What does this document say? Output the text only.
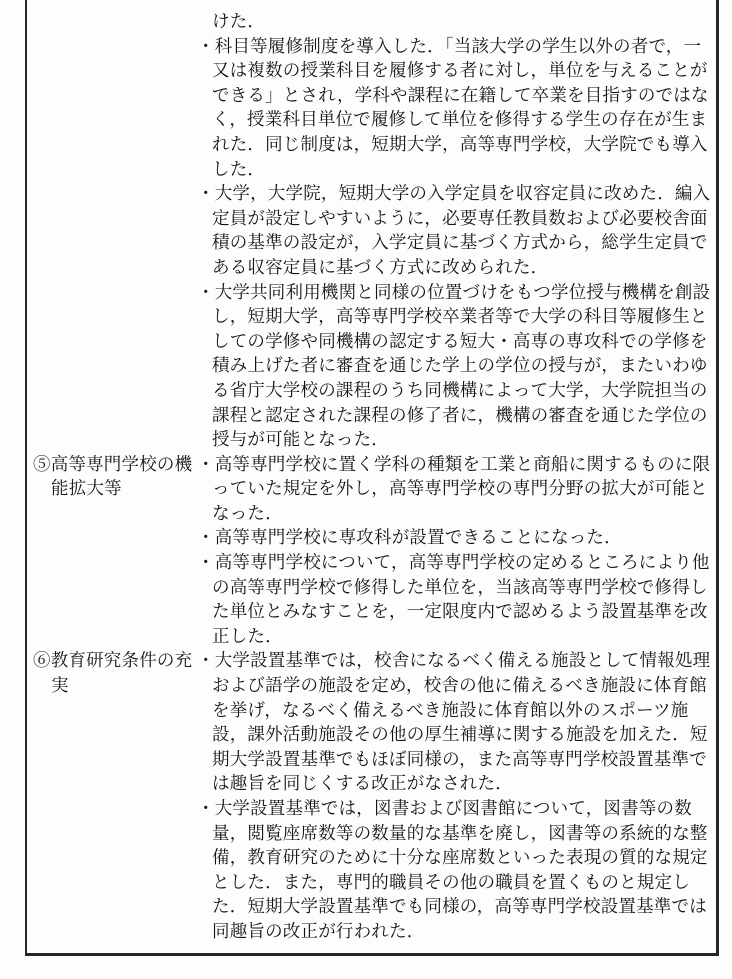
けた．
・科目等履修制度を導入した．「当該大学の学生以外の者で，一
又は複数の授業科目を履修する者に対し，単位を与えることが
できる」とされ，学科や課程に在籍して卒業を目指すのではな
く，授業科目単位で履修して単位を修得する学生の存在が生ま
れた．同じ制度は，短期大学，高等専門学校，大学院でも導入
した．
・大学，大学院，短期大学の入学定員を収容定員に改めた．編入
定員が設定しやすいように，必要専任教員数および必要校舎面
積の基準の設定が，入学定員に基づく方式から，総学生定員で
ある収容定員に基づく方式に改められた．
・大学共同利用機関と同様の位置づけをもつ学位授与機構を創設
し，短期大学，高等専門学校卒業者等で大学の科目等履修生と
しての学修や同機構の認定する短大・高専の専攻科での学修を
積み上げた者に審査を通じた学上の学位の授与が，またいわゆ
る省庁大学校の課程のうち同機構によって大学，大学院担当の
課程と認定された課程の修了者に，機構の審査を通じた学位の
授与が可能となった．
⑤高等専門学校の機 ・高等専門学校に置く学科の種類を工業と商船に関するものに限
能拡大等	っていた規定を外し，高等専門学校の専門分野の拡大が可能と
なった．
・高等専門学校に専攻科が設置できることになった．
・高等専門学校について，高等専門学校の定めるところにより他
の高等専門学校で修得した単位を，当該高等専門学校で修得し
た単位とみなすことを，一定限度内で認めるよう設置基準を改
正した．
⑥教育研究条件の充 ・大学設置基準では，校舎になるべく備える施設として情報処理
実	および語学の施設を定め，校舎の他に備えるべき施設に体育館
を挙げ，なるべく備えるべき施設に体育館以外のスポーツ施
設，課外活動施設その他の厚生補導に関する施設を加えた．短
期大学設置基準でもほぼ同様の，また高等専門学校設置基準で
は趣旨を同じくする改正がなされた．
・大学設置基準では，図書および図書館について，図書等の数
量，閲覧座席数等の数量的な基準を廃し，図書等の系統的な整
備，教育研究のために十分な座席数といった表現の質的な規定
とした．また，専門的職員その他の職員を置くものと規定し
た．短期大学設置基準でも同様の，高等専門学校設置基準では
同趣旨の改正が行われた．
